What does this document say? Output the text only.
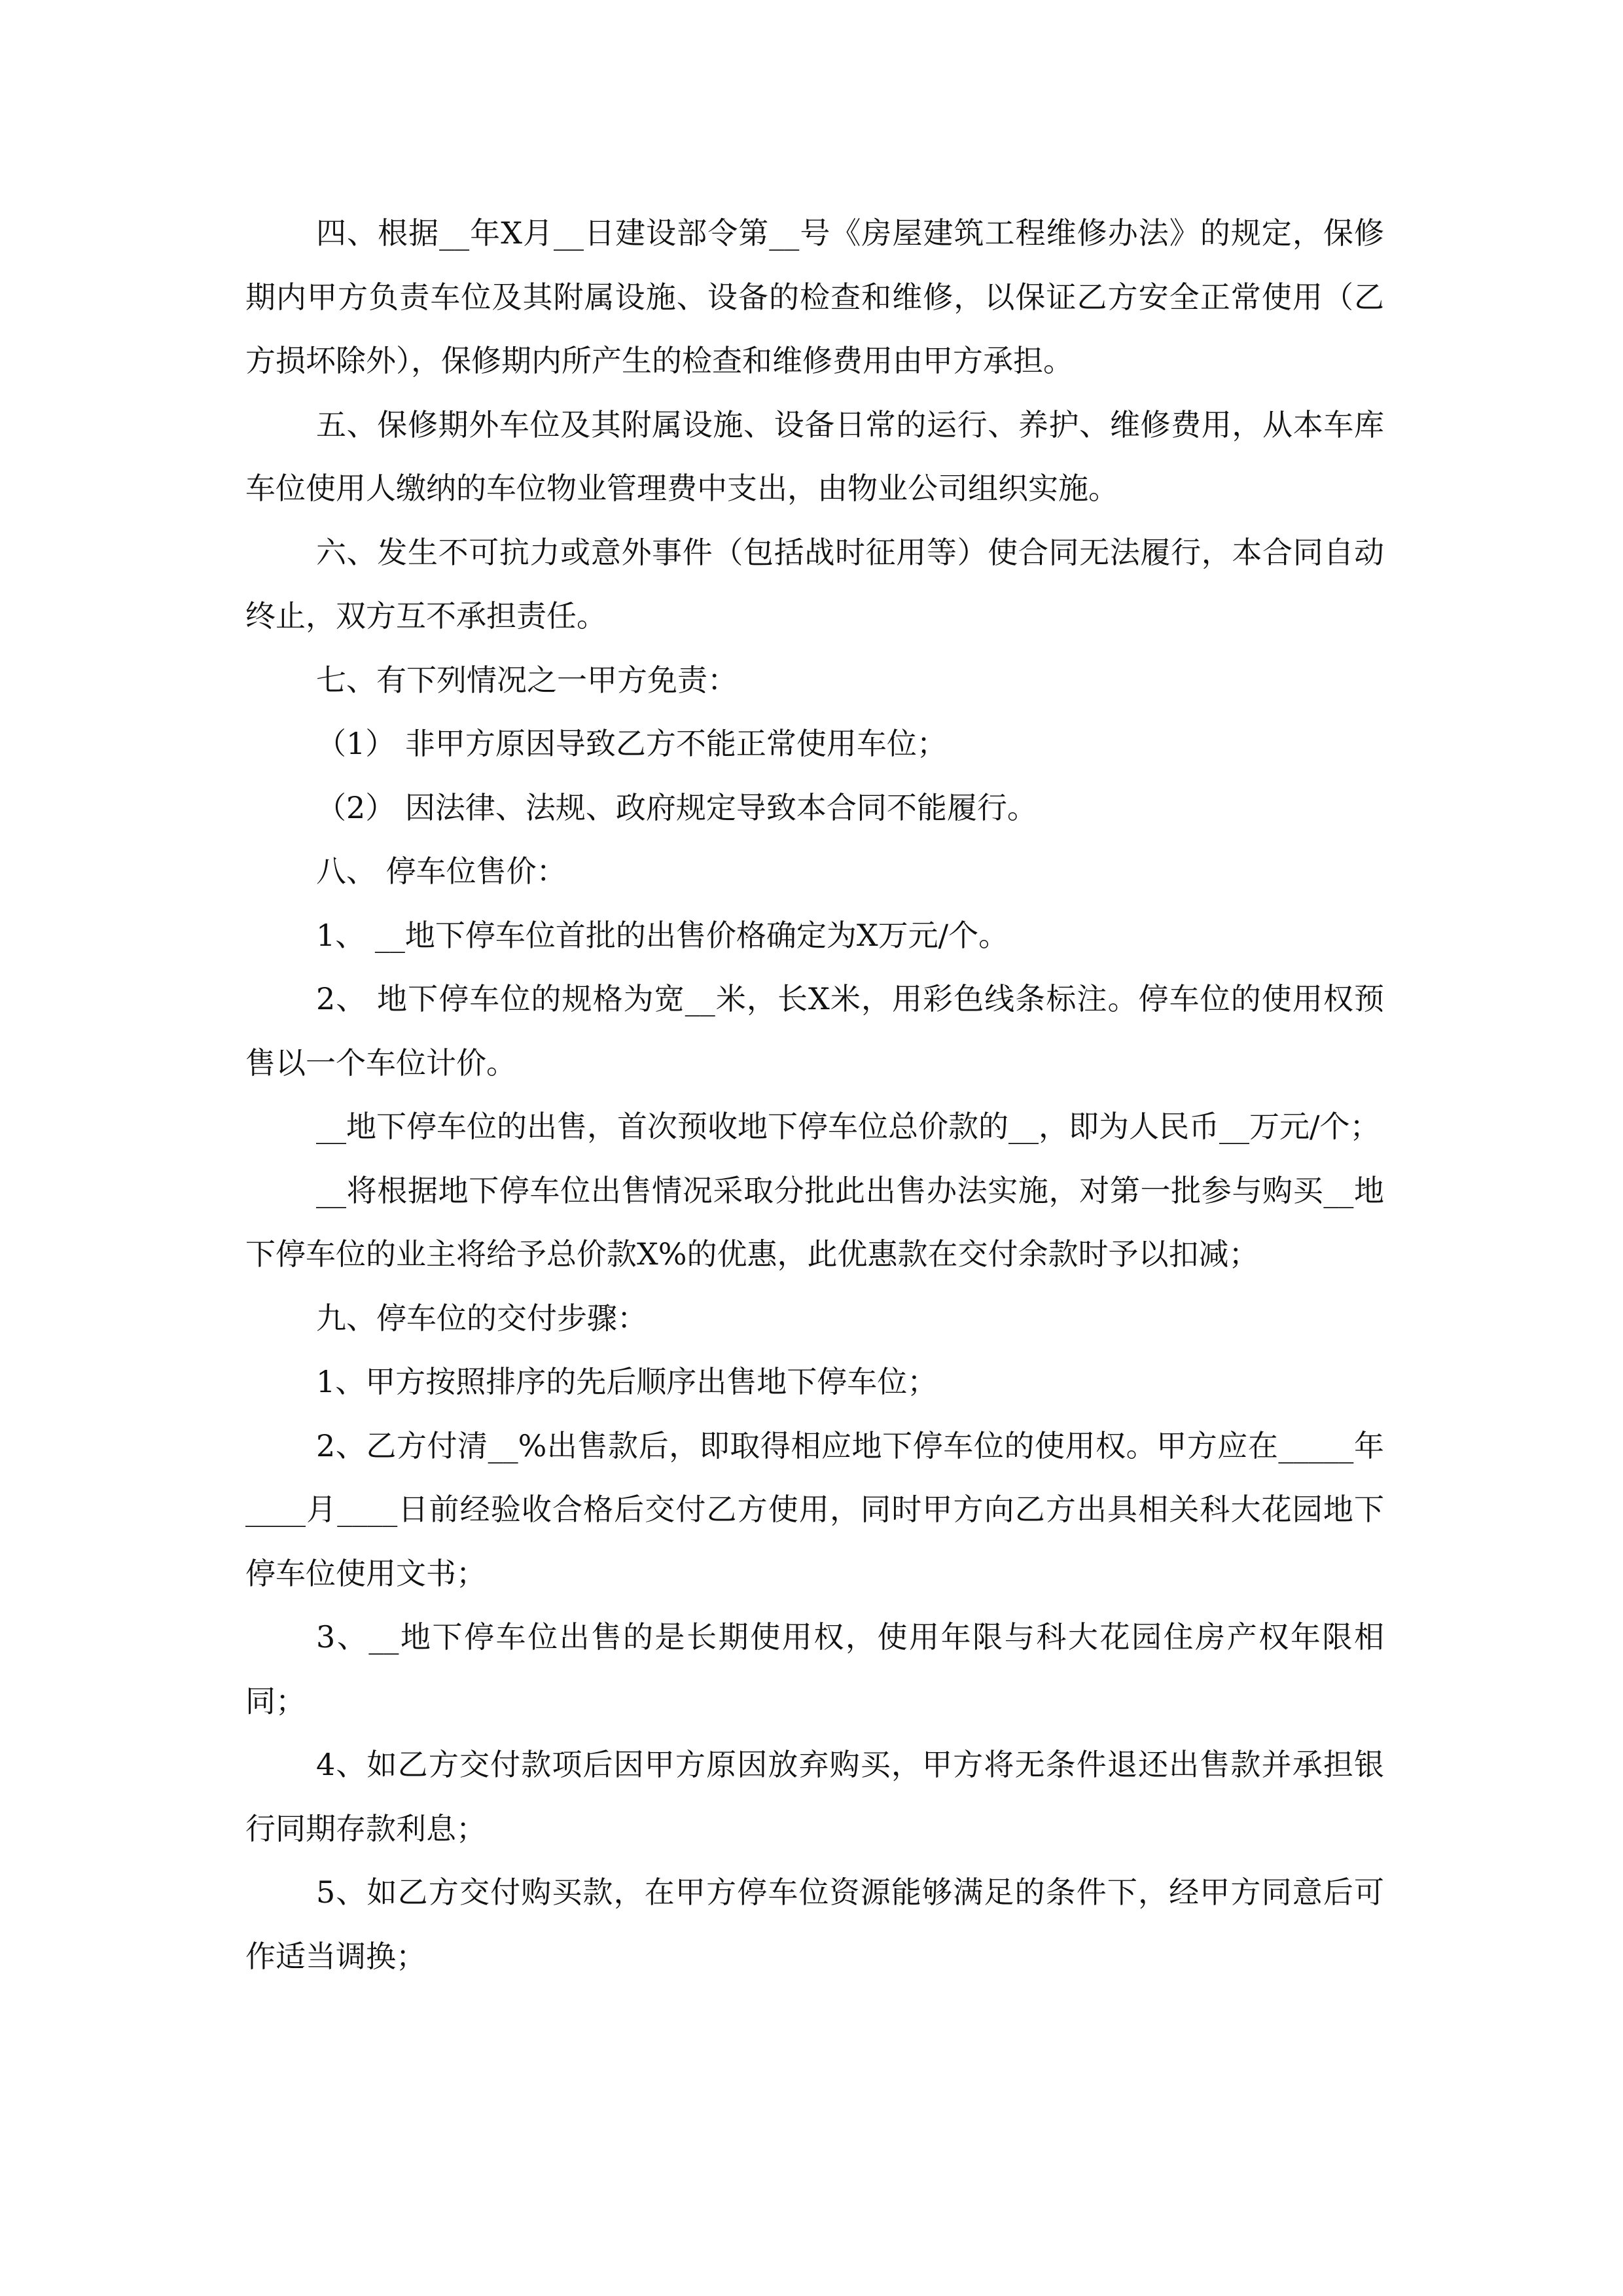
四、根据__年X月__日建设部令第__号《房屋建筑工程维修办法》的规定，保修期内甲方负责车位及其附属设施、设备的检查和维修，以保证乙方安全正常使用（乙方损坏除外），保修期内所产生的检查和维修费用由甲方承担。

五、保修期外车位及其附属设施、设备日常的运行、养护、维修费用，从本车库车位使用人缴纳的车位物业管理费中支出，由物业公司组织实施。

六、发生不可抗力或意外事件（包括战时征用等）使合同无法履行，本合同自动终止，双方互不承担责任。

七、有下列情况之一甲方免责：

（1） 非甲方原因导致乙方不能正常使用车位；

（2） 因法律、法规、政府规定导致本合同不能履行。

八、 停车位售价：

1、 __地下停车位首批的出售价格确定为X万元/个。

2、 地下停车位的规格为宽__米，长X米，用彩色线条标注。停车位的使用权预售以一个车位计价。

__地下停车位的出售，首次预收地下停车位总价款的__，即为人民币__万元/个；

__将根据地下停车位出售情况采取分批此出售办法实施，对第一批参与购买__地下停车位的业主将给予总价款X%的优惠，此优惠款在交付余款时予以扣减；

九、停车位的交付步骤：

1、甲方按照排序的先后顺序出售地下停车位；

2、乙方付清__%出售款后，即取得相应地下停车位的使用权。甲方应在_____年____月____日前经验收合格后交付乙方使用，同时甲方向乙方出具相关科大花园地下停车位使用文书；

3、__地下停车位出售的是长期使用权，使用年限与科大花园住房产权年限相同；

4、如乙方交付款项后因甲方原因放弃购买，甲方将无条件退还出售款并承担银行同期存款利息；

5、如乙方交付购买款，在甲方停车位资源能够满足的条件下，经甲方同意后可作适当调换；
